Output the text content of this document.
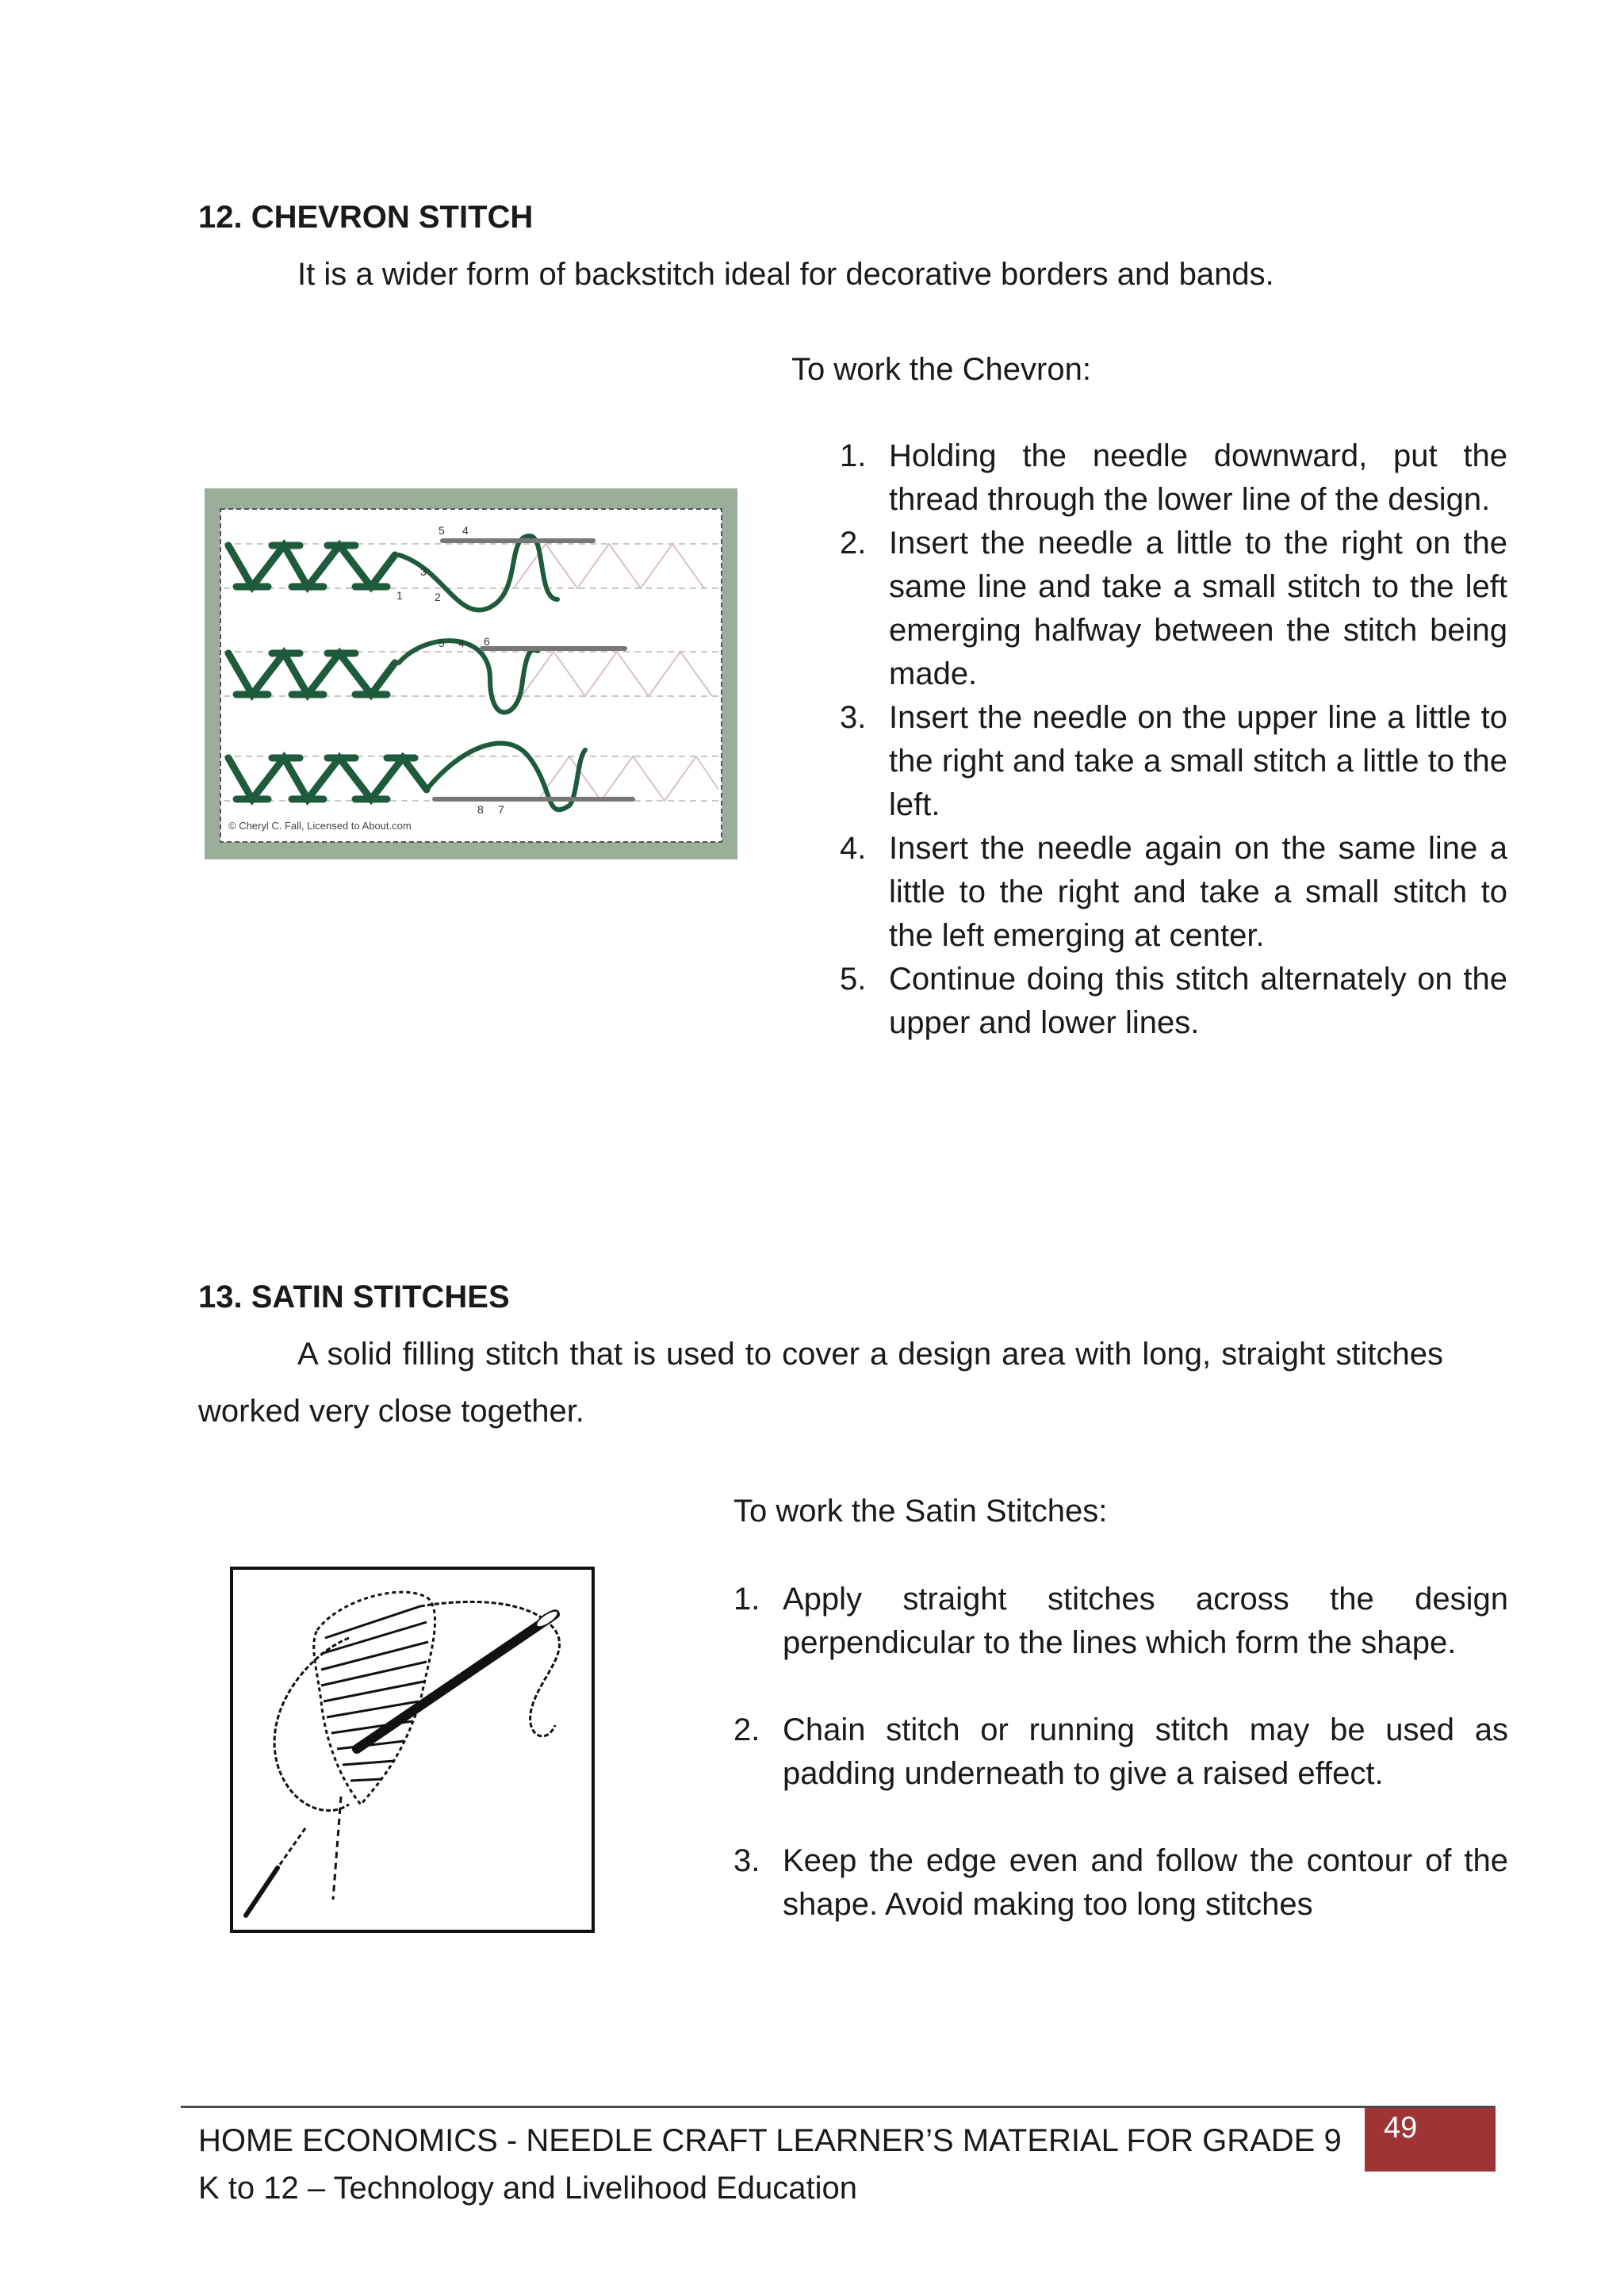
12. CHEVRON STITCH
It is a wider form of backstitch ideal for decorative borders and bands.
To work the Chevron:
1. Holding the needle downward, put the thread through the lower line of the design.
2. Insert the needle a little to the right on the same line and take a small stitch to the left emerging halfway between the stitch being made.
3. Insert the needle on the upper line a little to the right and take a small stitch a little to the left.
4. Insert the needle again on the same line a little to the right and take a small stitch to the left emerging at center.
5. Continue doing this stitch alternately on the upper and lower lines.
5 4
3
1	2
5 4 6
8 7
© Cheryl C. Fall, Licensed to About.com
13. SATIN STITCHES
A solid filling stitch that is used to cover a design area with long, straight stitches worked very close together.
To work the Satin Stitches:
1. Apply straight stitches across the design perpendicular to the lines which form the shape.
2. Chain stitch or running stitch may be used as padding underneath to give a raised effect.
3. Keep the edge even and follow the contour of the shape. Avoid making too long stitches
HOME ECONOMICS - NEEDLE CRAFT LEARNER’S MATERIAL FOR GRADE 9
K to 12 – Technology and Livelihood Education
49
